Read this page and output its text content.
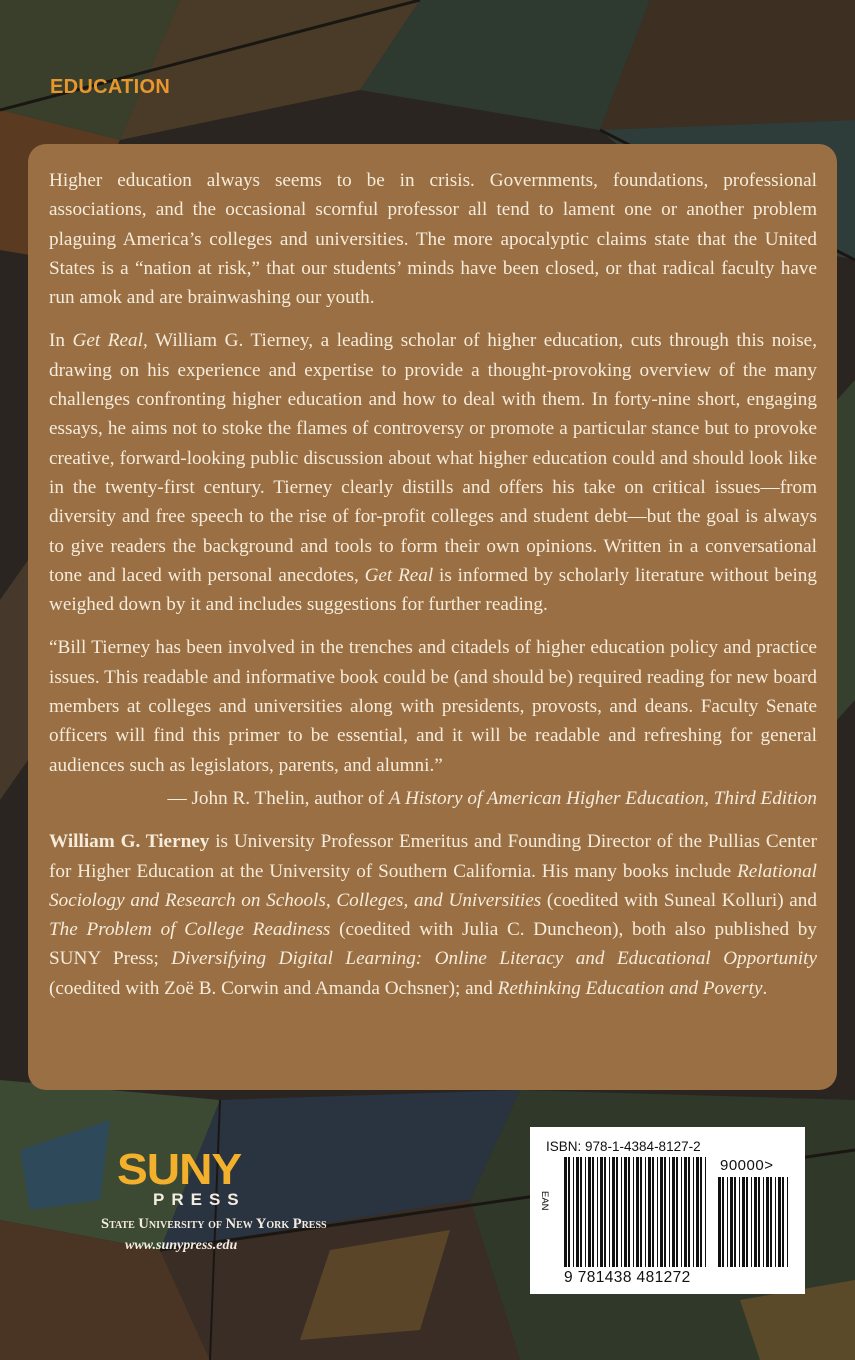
EDUCATION

Higher education always seems to be in crisis. Governments, foundations, professional associations, and the occasional scornful professor all tend to lament one or another problem plaguing America’s colleges and universities. The more apocalyptic claims state that the United States is a “nation at risk,” that our students’ minds have been closed, or that radical faculty have run amok and are brainwashing our youth.

In Get Real, William G. Tierney, a leading scholar of higher education, cuts through this noise, drawing on his experience and expertise to provide a thought-provoking overview of the many challenges confronting higher education and how to deal with them. In forty-nine short, engaging essays, he aims not to stoke the flames of controversy or promote a particular stance but to provoke creative, forward-looking public discussion about what higher education could and should look like in the twenty-first century. Tierney clearly distills and offers his take on critical issues—from diversity and free speech to the rise of for-profit colleges and student debt—but the goal is always to give readers the background and tools to form their own opinions. Written in a conversational tone and laced with personal anecdotes, Get Real is informed by scholarly literature without being weighed down by it and includes suggestions for further reading.

“Bill Tierney has been involved in the trenches and citadels of higher education policy and practice issues. This readable and informative book could be (and should be) required reading for new board members at colleges and universities along with presidents, provosts, and deans. Faculty Senate officers will find this primer to be essential, and it will be readable and refreshing for general audiences such as legislators, parents, and alumni.”

— John R. Thelin, author of A History of American Higher Education, Third Edition

William G. Tierney is University Professor Emeritus and Founding Director of the Pullias Center for Higher Education at the University of Southern California. His many books include Relational Sociology and Research on Schools, Colleges, and Universities (coedited with Suneal Kolluri) and The Problem of College Readiness (coedited with Julia C. Duncheon), both also published by SUNY Press; Diversifying Digital Learning: Online Literacy and Educational Opportunity (coedited with Zoë B. Corwin and Amanda Ochsner); and Rethinking Education and Poverty.

SUNY
PRESS
State University of New York Press
www.sunypress.edu
ISBN: 978-1-4384-8127-2
90000>
EAN
9 781438 481272
